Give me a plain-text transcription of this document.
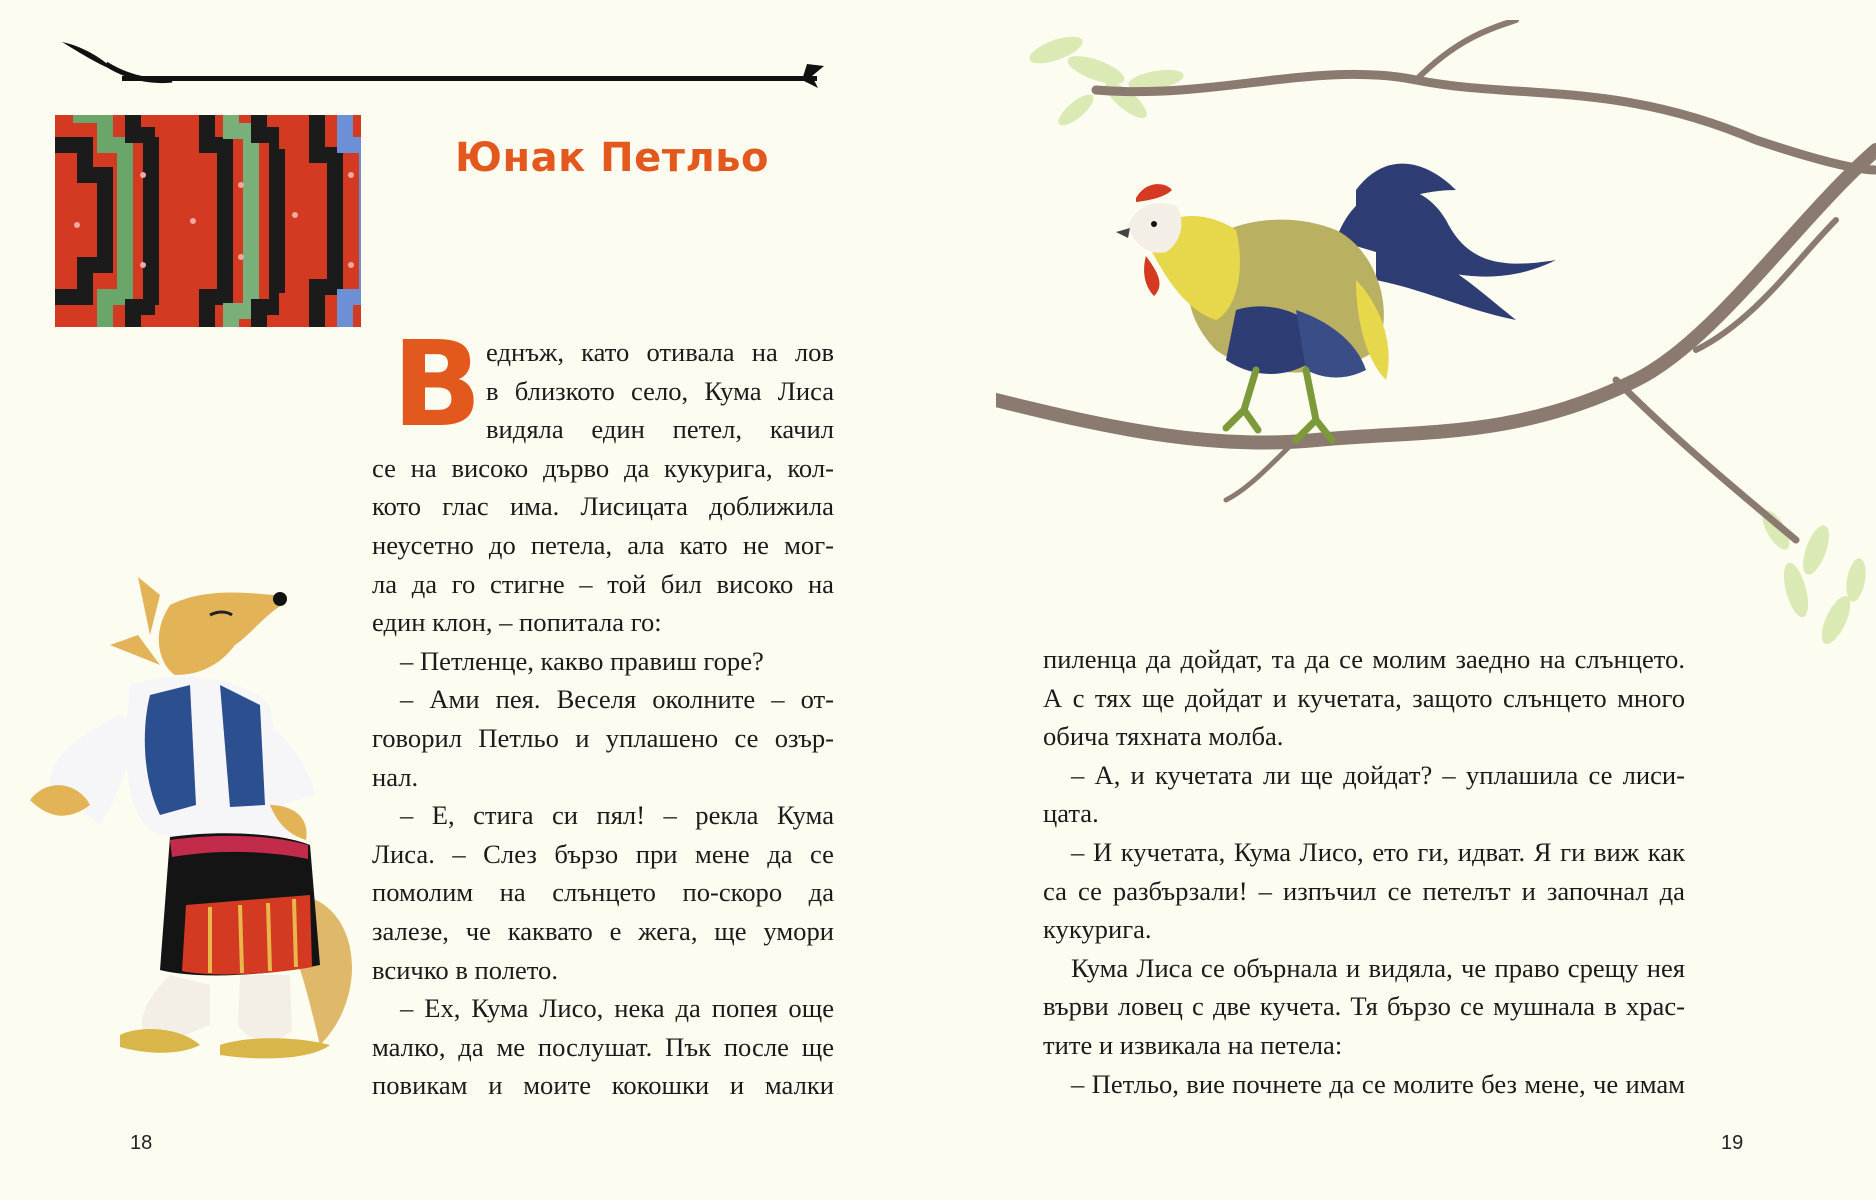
Юнак Петльо
В еднъж, като отивала на лов

в близкото село, Кума Лиса

видяла един петел, качил

се на високо дърво да кукурига, кол-

кото глас има. Лисицата доближила

неусетно до петела, ала като не мог-

ла да го стигне – той бил високо на

един клон, – попитала го:

– Петленце, какво правиш горе?

– Ами пея. Веселя околните – от-

говорил Петльо и уплашено се озър-

нал.

– Е, стига си пял! – рекла Кума

Лиса. – Слез бързо при мене да се

помолим на слънцето по-скоро да

залезе, че каквато е жега, ще умори

всичко в полето.

– Ех, Кума Лисо, нека да попея още

малко, да ме послушат. Пък после ще

повикам и моите кокошки и малки

18

пиленца да дойдат, та да се молим заедно на слънцето.

А с тях ще дойдат и кучетата, защото слънцето много

обича тяхната молба.

– А, и кучетата ли ще дойдат? – уплашила се лиси-

цата.

– И кучетата, Кума Лисо, ето ги, идват. Я ги виж как

са се разбързали! – изпъчил се петелът и започнал да

кукурига.

Кума Лиса се обърнала и видяла, че право срещу нея

върви ловец с две кучета. Тя бързо се мушнала в храс-

тите и извикала на петела:

– Петльо, вие почнете да се молите без мене, че имам

19
